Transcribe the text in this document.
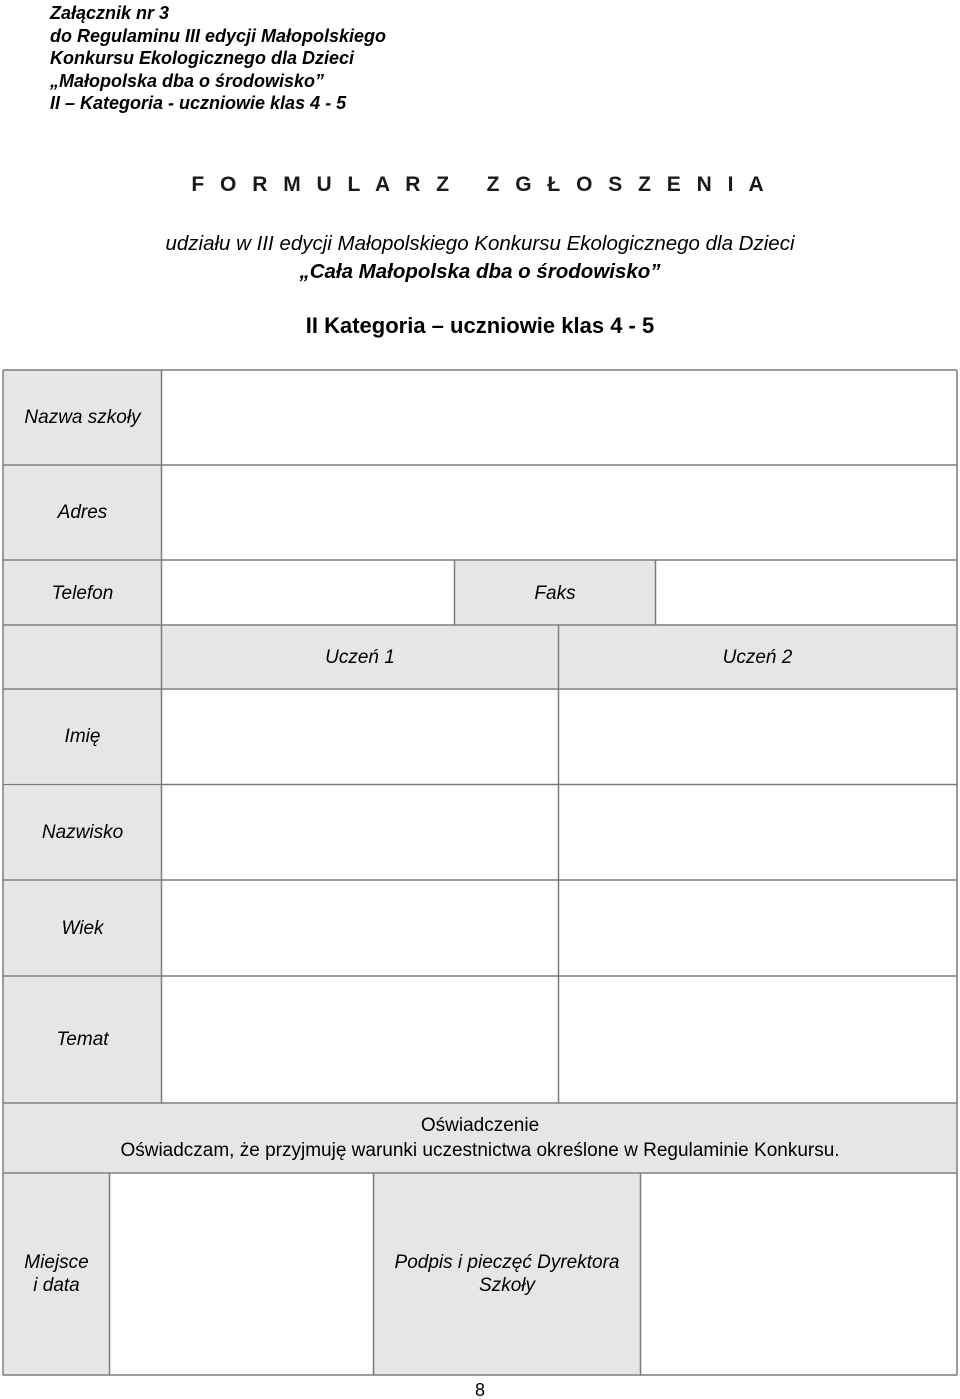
Załącznik nr 3
do Regulaminu III edycji Małopolskiego
Konkursu Ekologicznego dla Dzieci
„Małopolska dba o środowisko”
II – Kategoria - uczniowie klas 4 - 5
F O R M U L A R Z   Z G Ł O S Z E N I A
udziału w III edycji Małopolskiego Konkursu Ekologicznego dla Dzieci
„Cała Małopolska dba o środowisko”
II Kategoria – uczniowie klas 4 - 5
Nazwa szkoły
Adres
Telefon	Faks
Uczeń 1	Uczeń 2
Imię
Nazwisko
Wiek
Temat
Oświadczenie
Oświadczam, że przyjmuję warunki uczestnictwa określone w Regulaminie Konkursu.
Miejsce
i data
Podpis i pieczęć Dyrektora
Szkoły
8
